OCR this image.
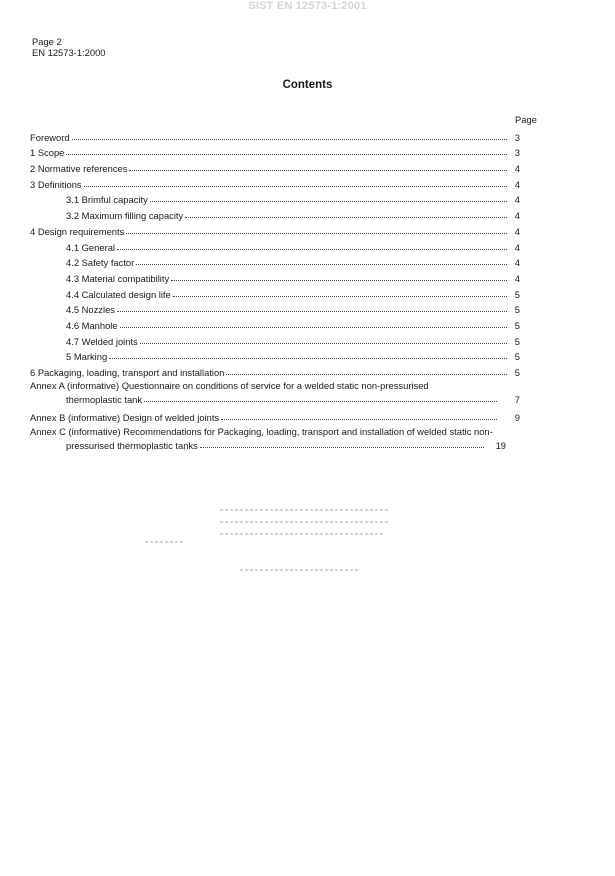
SIST EN 12573-1:2001
Page 2
EN 12573-1:2000
Contents
Page
Foreword	3
1 Scope	3
2 Normative references	4
3 Definitions	4
3.1 Brimful capacity	4
3.2 Maximum filling capacity	4
4 Design requirements	4
4.1 General	4
4.2 Safety factor	4
4.3 Material compatibility	4
4.4 Calculated design life	5
4.5 Nozzles	5
4.6 Manhole	5
4.7 Welded joints	5
5 Marking	5
6 Packaging, loading, transport and installation	5
Annex A (informative) Questionnaire on conditions of service for a welded static non-pressurised
thermoplastic tank	7
Annex B (informative) Design of welded joints	9
Annex C (informative) Recommendations for Packaging, loading, transport and installation of welded static non-
pressurised thermoplastic tanks	19
